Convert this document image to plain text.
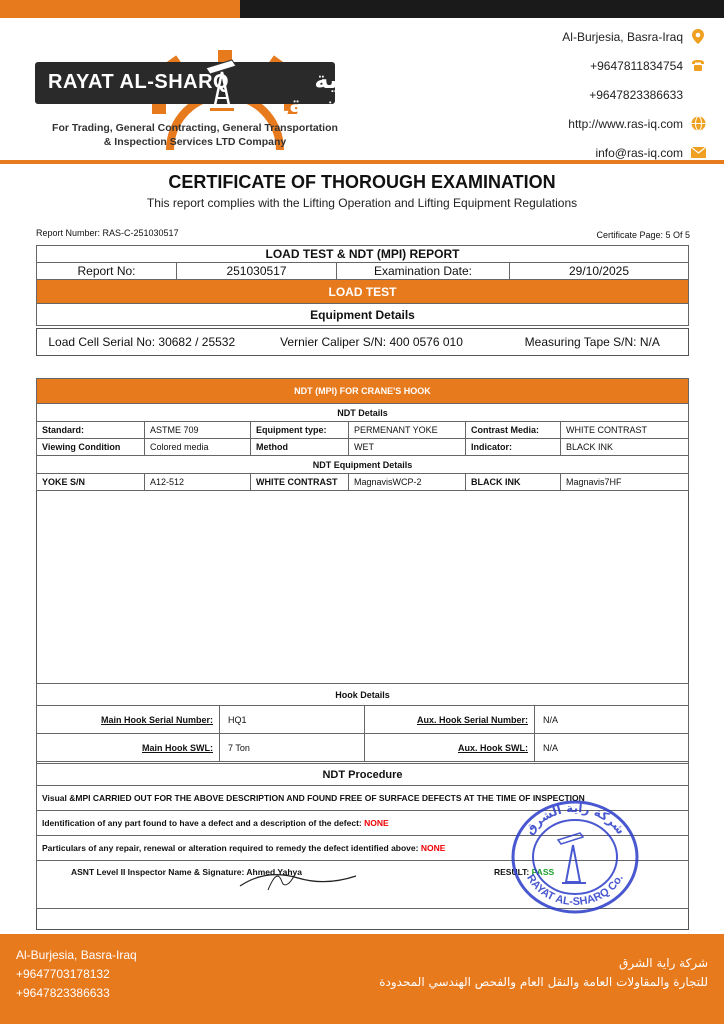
RAYAT AL-SHARQ	راية الشرق
For Trading, General Contracting, General Transportation
& Inspection Services LTD Company
Al-Burjesia, Basra-Iraq
+9647811834754
+9647823386633
http://www.ras-iq.com
info@ras-iq.com
CERTIFICATE OF THOROUGH EXAMINATION
This report complies with the Lifting Operation and Lifting Equipment Regulations
Report Number: RAS-C-251030517	Certificate Page: 5 Of 5
LOAD TEST & NDT (MPI) REPORT
Report No:	251030517	Examination Date:	29/10/2025
LOAD TEST
Equipment Details
Load Cell Serial No: 30682 / 25532	Vernier Caliper S/N: 400 0576 010	Measuring Tape S/N: N/A
NDT (MPI) FOR CRANE'S HOOK					
NDT Details					
Standard:	ASTME 709	Equipment type:	PERMENANT YOKE	Contrast Media:	WHITE CONTRAST
Viewing Condition	Colored media	Method	WET	Indicator:	BLACK INK
NDT Equipment Details					
YOKE S/N	A12-512	WHITE CONTRAST	MagnavisWCP-2	BLACK INK	Magnavis7HF
Hook Details			
Main Hook Serial Number:	HQ1	Aux. Hook Serial Number:	N/A
Main Hook SWL:	7 Ton	Aux. Hook SWL:	N/A
NDT Procedure
Visual &MPI CARRIED OUT FOR THE ABOVE DESCRIPTION AND FOUND FREE OF SURFACE DEFECTS AT THE TIME OF INSPECTION
Identification of any part found to have a defect and a description of the defect: NONE
Particulars of any repair, renewal or alteration required to remedy the defect identified above: NONE
ASNT Level II Inspector Name & Signature: Ahmed Yahya	RESULT: PASS
شركة راية الشرق
RAYAT AL-SHARQ Co.
Al-Burjesia, Basra-Iraq
+9647703178132
+9647823386633
شركة راية الشرق
للتجارة والمقاولات العامة والنقل العام والفحص الهندسي المحدودة
